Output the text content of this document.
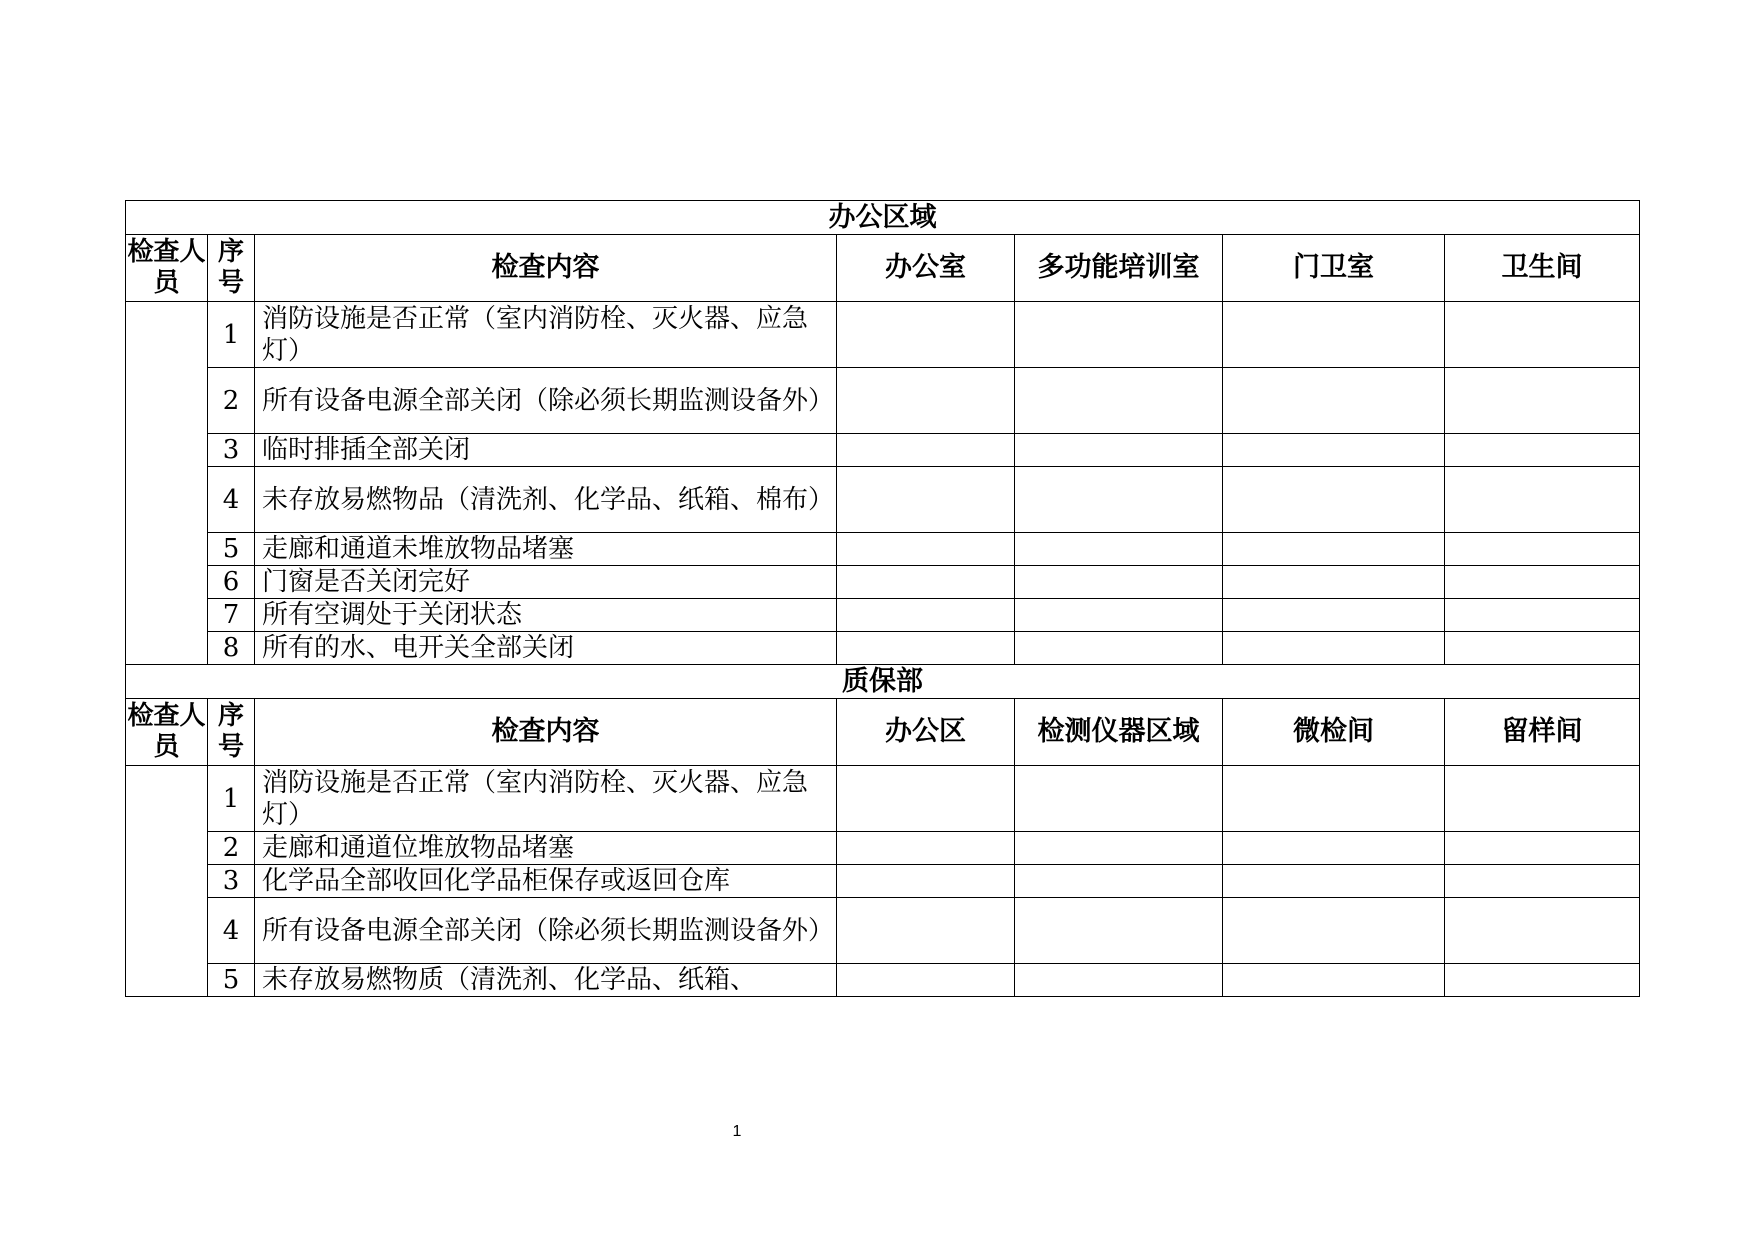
办公区域						
检查人员	序号	检查内容	办公室	多功能培训室	门卫室	卫生间
	1	消防设施是否正常（室内消防栓、灭火器、应急灯）				
	2	所有设备电源全部关闭（除必须长期监测设备外）				
	3	临时排插全部关闭				
	4	未存放易燃物品（清洗剂、化学品、纸箱、棉布）				
	5	走廊和通道未堆放物品堵塞				
	6	门窗是否关闭完好				
	7	所有空调处于关闭状态				
	8	所有的水、电开关全部关闭				
质保部						
检查人员	序号	检查内容	办公区	检测仪器区域	微检间	留样间
	1	消防设施是否正常（室内消防栓、灭火器、应急灯）				
	2	走廊和通道位堆放物品堵塞				
	3	化学品全部收回化学品柜保存或返回仓库				
	4	所有设备电源全部关闭（除必须长期监测设备外）				
	5	未存放易燃物质（清洗剂、化学品、纸箱、				
1
